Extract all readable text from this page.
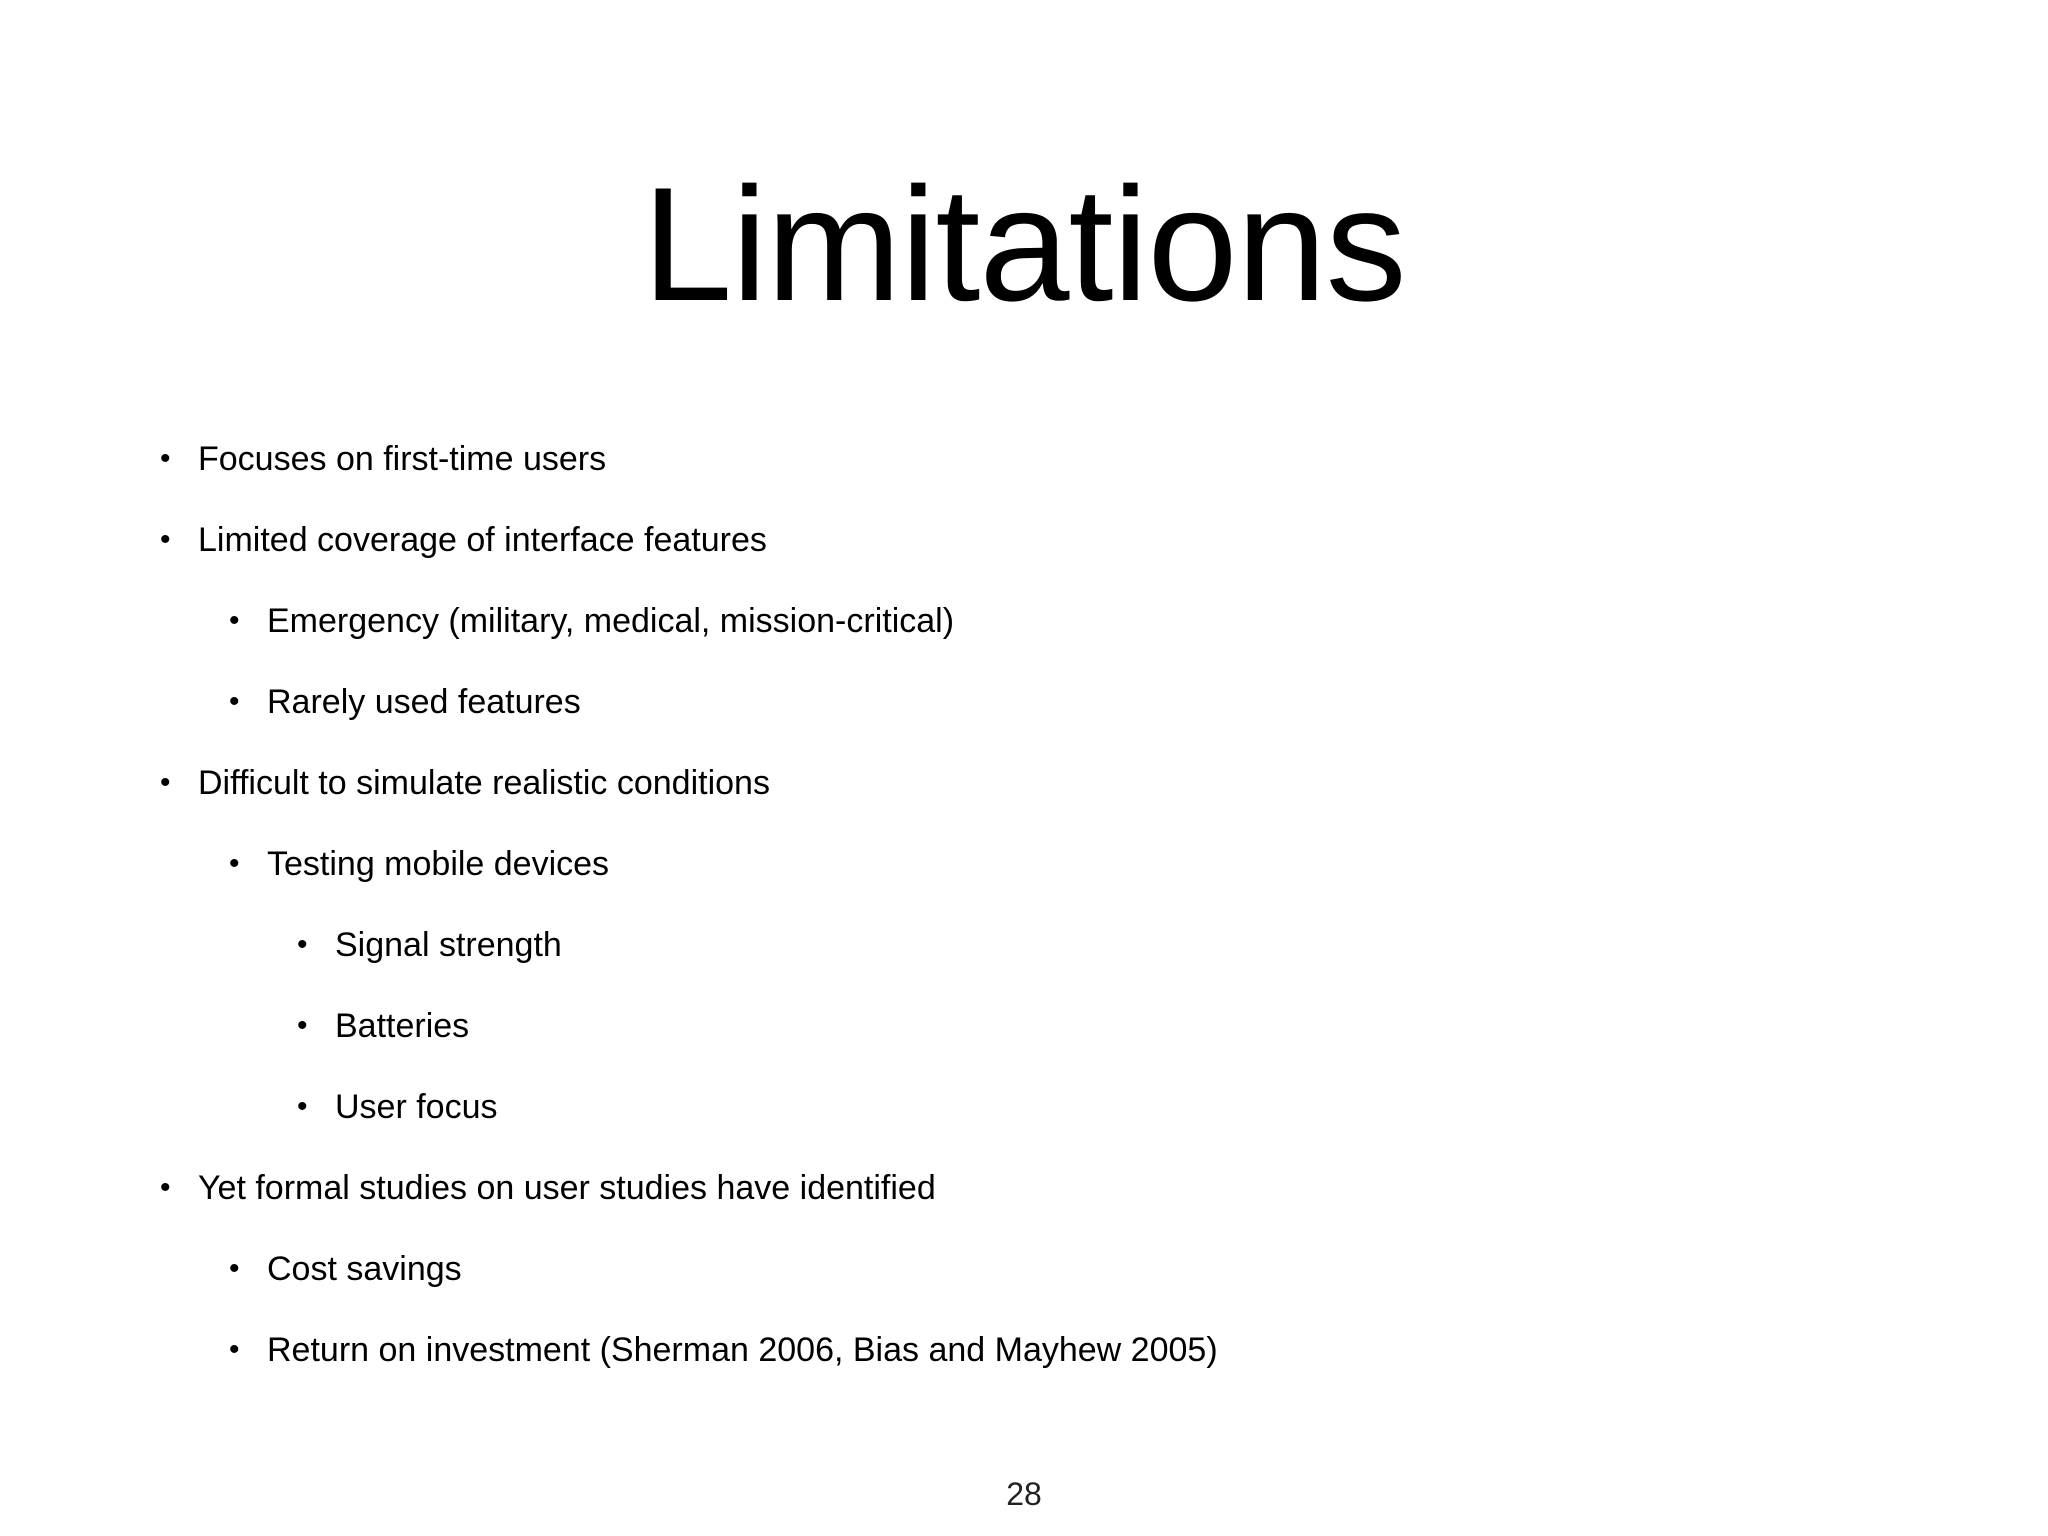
Limitations
• Focuses on first-time users
• Limited coverage of interface features
• Emergency (military, medical, mission-critical)
• Rarely used features
• Difficult to simulate realistic conditions
• Testing mobile devices
• Signal strength
• Batteries
• User focus
• Yet formal studies on user studies have identified
• Cost savings
• Return on investment (Sherman 2006, Bias and Mayhew 2005)
28
